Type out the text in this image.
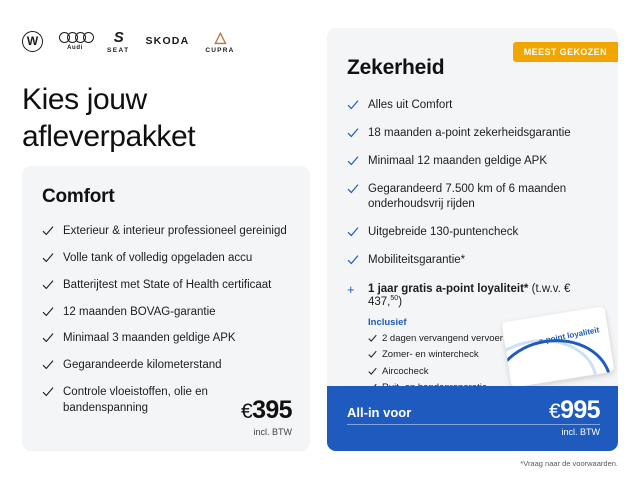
W
Audi
S
SEAT
SKODA △
CUPRA
Kies jouw afleverpakket
Comfort
Exterieur & interieur professioneel gereinigd
Volle tank of volledig opgeladen accu
Batterijtest met State of Health certificaat
12 maanden BOVAG-garantie
Minimaal 3 maanden geldige APK
Gegarandeerde kilometerstand
Controle vloeistoffen, olie en bandenspanning	€395
incl. BTW
MEEST GEKOZEN
Zekerheid
Alles uit Comfort
18 maanden a-point zekerheidsgarantie
Minimaal 12 maanden geldige APK
Gegarandeerd 7.500 km of 6 maanden onderhoudsvrij rijden
Uitgebreide 130-puntencheck
Mobiliteitsgarantie*
+ 1 jaar gratis a-point loyaliteit* (t.w.v. € 437,50)
Inclusief
2 dagen vervangend vervoer
Zomer- en wintercheck
Aircocheck
a-point loyaliteit
All-in voor	€995
incl. BTW
*Vraag naar de voorwaarden.
